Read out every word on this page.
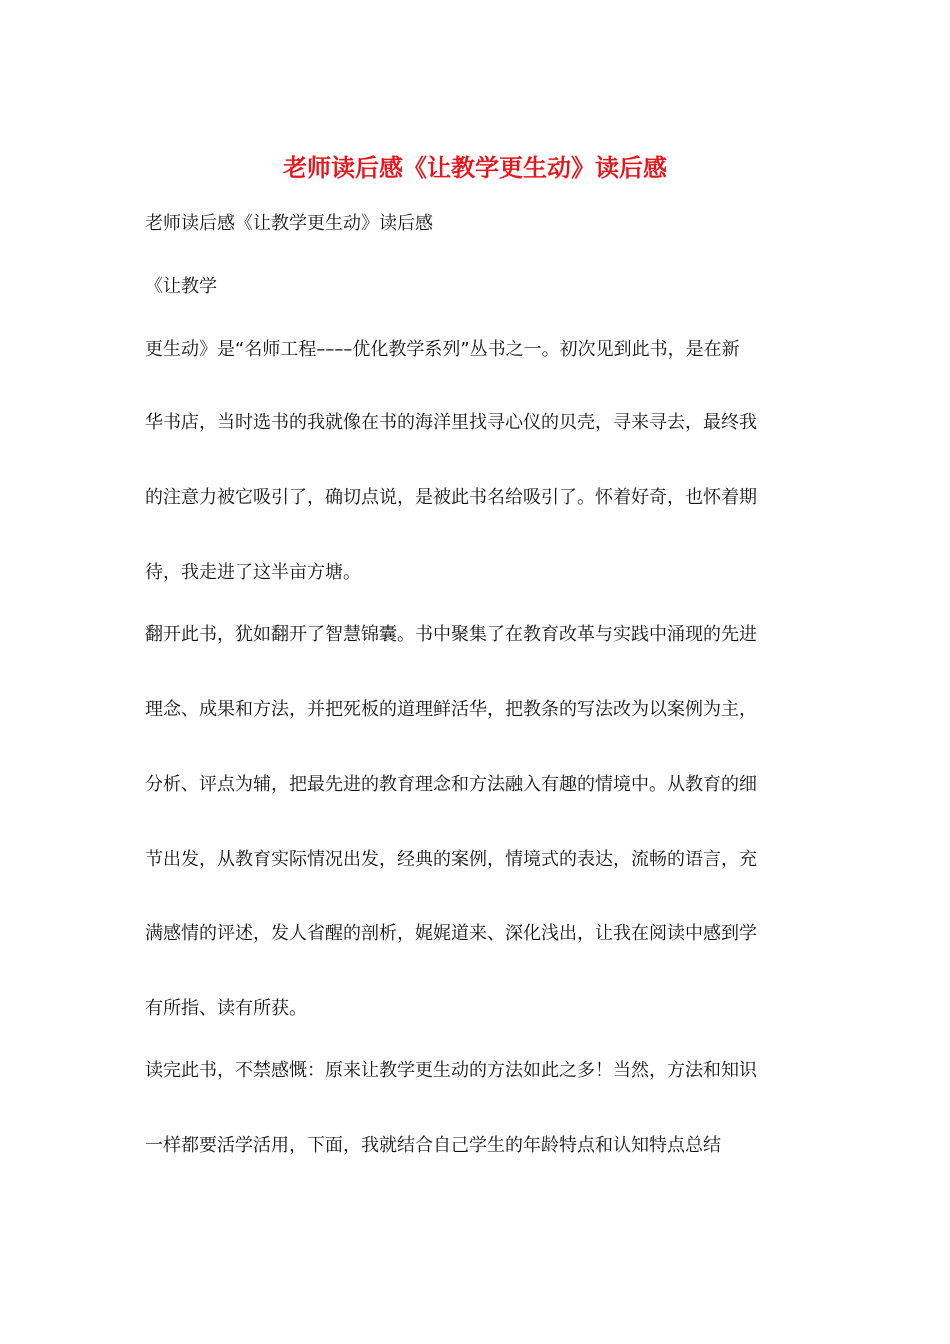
老师读后感《让教学更生动》读后感

老师读后感《让教学更生动》读后感

《让教学

更生动》是“名师工程––––优化教学系列”丛书之一。初次见到此书，是在新

华书店，当时选书的我就像在书的海洋里找寻心仪的贝壳，寻来寻去，最终我

的注意力被它吸引了，确切点说，是被此书名给吸引了。怀着好奇，也怀着期

待，我走进了这半亩方塘。

翻开此书，犹如翻开了智慧锦囊。书中聚集了在教育改革与实践中涌现的先进

理念、成果和方法，并把死板的道理鲜活华，把教条的写法改为以案例为主，

分析、评点为辅，把最先进的教育理念和方法融入有趣的情境中。从教育的细

节出发，从教育实际情况出发，经典的案例，情境式的表达，流畅的语言，充

满感情的评述，发人省醒的剖析，娓娓道来、深化浅出，让我在阅读中感到学

有所指、读有所获。

读完此书，不禁感慨：原来让教学更生动的方法如此之多！当然，方法和知识

一样都要活学活用，下面，我就结合自己学生的年龄特点和认知特点总结
